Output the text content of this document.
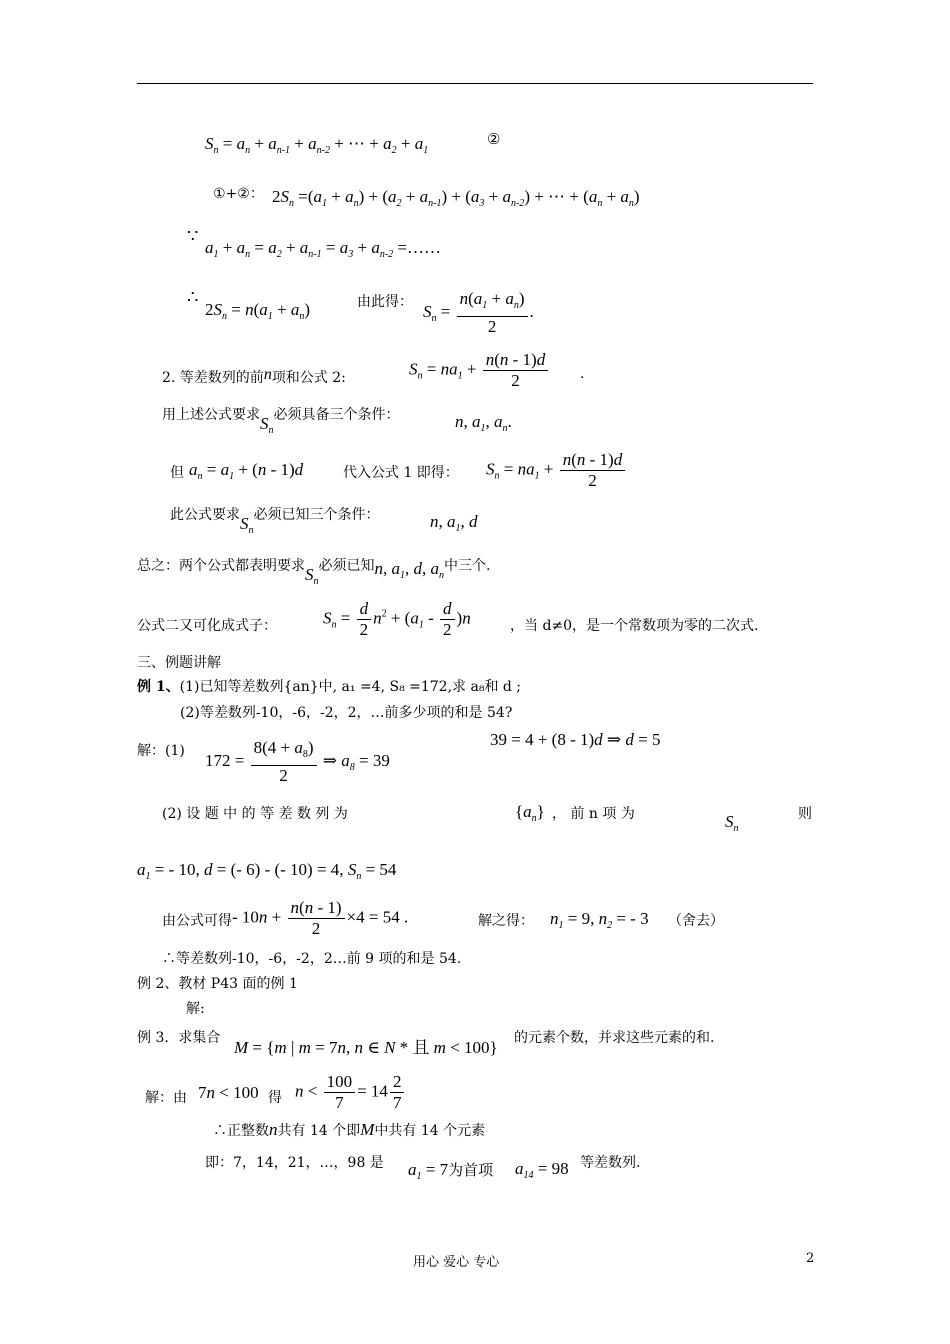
$S_n = a_n + a_{n-1} + a_{n-2}$ + ⋯ + $a_2 + a_1$
②
①+②： $2S_n =(a_1 + a_n) + (a_2 + a_{n-1}) + (a_3 + a_{n-2})$ + ⋯ + $(a_n + a_n)$
∵
$a_1 + a_n = a_2 + a_{n-1} = a_3 + a_{n-2}$ =……
∴
$2S_n = n(a_1 + a_n)$	由此得： $S_n = \frac{n(a_1 + a_n)}{2}$ .
2. 等差数列的前n项和公式 2:	$S_n = na_1 + \frac{n(n - 1)d}{2}$ .
用上述公式要求$S_n$必须具备三个条件：	n, $a_1$, $a_n$.
但 $a_n = a_1 + (n - 1)d$	代入公式 1 即得： $S_n = na_1 + \frac{n(n - 1)d}{2}$
此公式要求$S_n$必须已知三个条件：	n, $a_1$, d
总之：两个公式都表明要求$S_n$必须已知n, $a_1$, d, $a_n$中三个.
公式二又可化成式子：	$S_n = \frac{d}{2} n^2 + (a_1 - \frac{d}{2} )n$	，当 d≠0，是一个常数项为零的二次式.
三、例题讲解
例 1、(1)已知等差数列{an}中, a₁ =4, S₈ =172,求 a₈和 d ;
(2)等差数列-10，-6，-2，2，…前多少项的和是 54?
解：(1) $172 = \frac{8(4 + a_8)}{2}$ ⇒ $a_8 = 39$
39 = 4 + (8 - 1)d ⇒ d = 5
(2) 设 题 中 的 等 差 数 列 为	$\{a_n\}$ ， 前 n 项 为	$S_n$
则
$a_1$ = - 10, d = (- 6) - (- 10) = 4, $S_n = 54$
由公式可得 - $10n + \frac{n(n - 1)}{2} \times 4 = 54$ .	解之得： $n_1 = 9$, $n_2$ = - 3 （舍去）
∴等差数列-10，-6，-2，2…前 9 项的和是 54.
例 2、教材 P43 面的例 1
解:
例 3．求集合 M = {m | m = 7n, n ∈ N * 且 m < 100} 的元素个数，并求这些元素的和.
解：由 7n < 100 得 $n < \frac{100}{7} = 14 \frac{2}{7}$
∴正整数n共有 14 个即M中共有 14 个元素
即：7，14，21，…，98 是 $a_1 = 7$为首项 $a_{14} = 98$ 等差数列.
用心 爱心 专心	2
